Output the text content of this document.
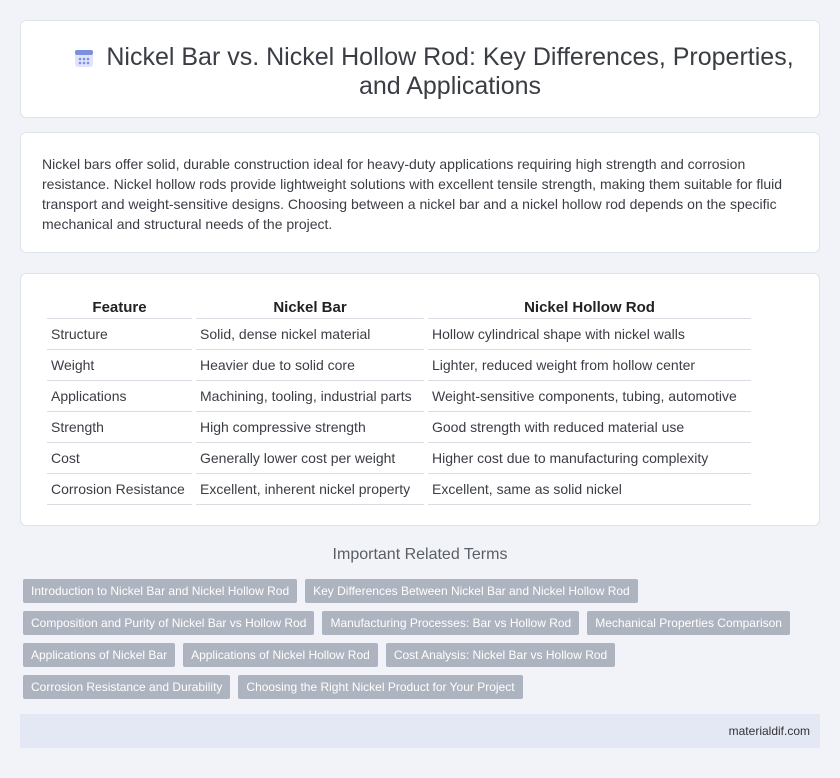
Nickel Bar vs. Nickel Hollow Rod: Key Differences, Properties, and Applications

Nickel bars offer solid, durable construction ideal for heavy-duty applications requiring high strength and corrosion resistance. Nickel hollow rods provide lightweight solutions with excellent tensile strength, making them suitable for fluid transport and weight-sensitive designs. Choosing between a nickel bar and a nickel hollow rod depends on the specific mechanical and structural needs of the project.

Feature	Nickel Bar	Nickel Hollow Rod
Structure	Solid, dense nickel material	Hollow cylindrical shape with nickel walls
Weight	Heavier due to solid core	Lighter, reduced weight from hollow center
Applications	Machining, tooling, industrial parts	Weight-sensitive components, tubing, automotive
Strength	High compressive strength	Good strength with reduced material use
Cost	Generally lower cost per weight	Higher cost due to manufacturing complexity
Corrosion Resistance	Excellent, inherent nickel property	Excellent, same as solid nickel
Important Related Terms
Introduction to Nickel Bar and Nickel Hollow Rod	Key Differences Between Nickel Bar and Nickel Hollow Rod
Composition and Purity of Nickel Bar vs Hollow Rod	Manufacturing Processes: Bar vs Hollow Rod	Mechanical Properties Comparison
Applications of Nickel Bar	Applications of Nickel Hollow Rod	Cost Analysis: Nickel Bar vs Hollow Rod
Corrosion Resistance and Durability	Choosing the Right Nickel Product for Your Project
materialdif.com
